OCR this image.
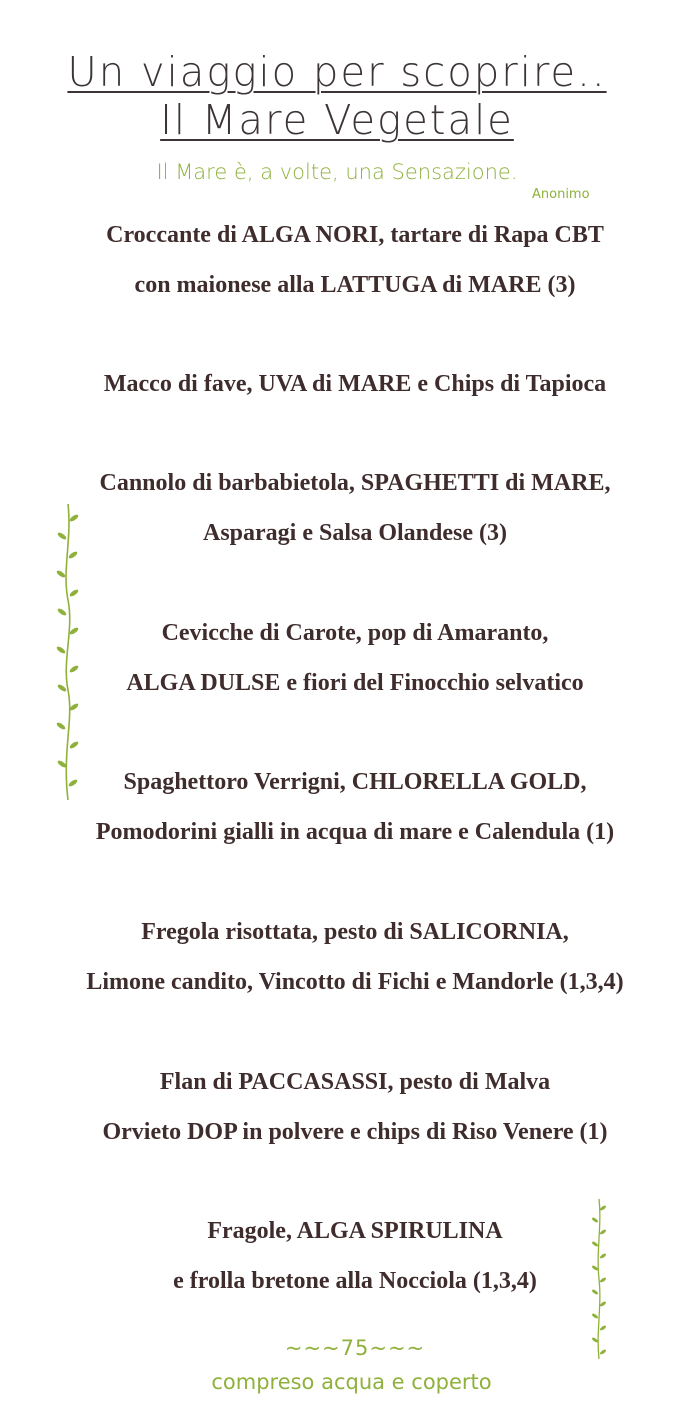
Un viaggio per scoprire..
Il Mare Vegetale
Il Mare è, a volte, una Sensazione.
Anonimo
Croccante di ALGA NORI, tartare di Rapa CBT
con maionese alla LATTUGA di MARE (3)
Macco di fave, UVA di MARE e Chips di Tapioca
Cannolo di barbabietola, SPAGHETTI di MARE,
Asparagi e Salsa Olandese (3)
Cevicche di Carote, pop di Amaranto,
ALGA DULSE e fiori del Finocchio selvatico
Spaghettoro Verrigni, CHLORELLA GOLD,
Pomodorini gialli in acqua di mare e Calendula (1)
Fregola risottata, pesto di SALICORNIA,
Limone candito, Vincotto di Fichi e Mandorle (1,3,4)
Flan di PACCASASSI, pesto di Malva
Orvieto DOP in polvere e chips di Riso Venere (1)
Fragole, ALGA SPIRULINA
e frolla bretone alla Nocciola (1,3,4)
~~~75~~~
compreso acqua e coperto
